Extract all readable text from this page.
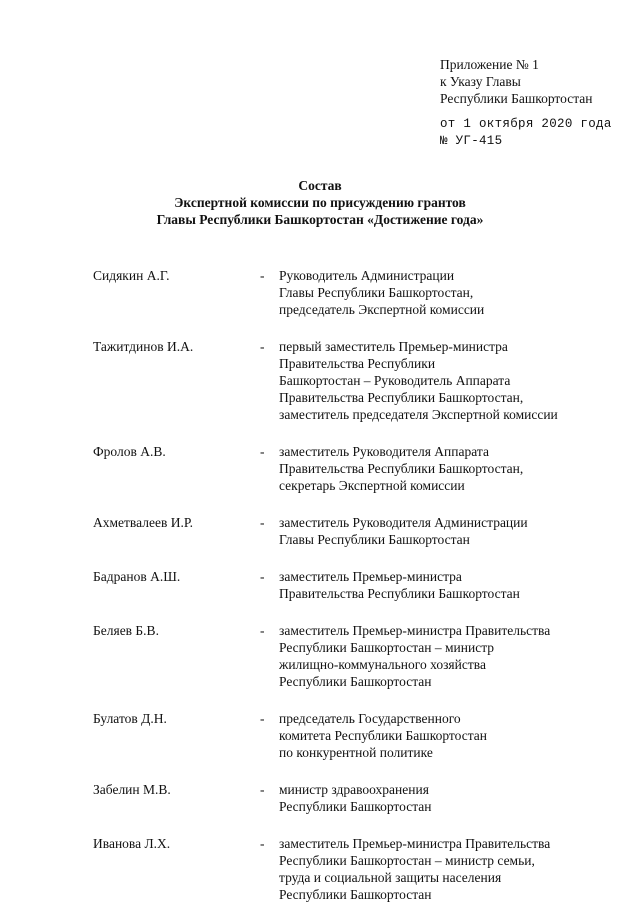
Приложение № 1
к Указу Главы
Республики Башкортостан
от 1 октября 2020 года
№ УГ-415
Состав
Экспертной комиссии по присуждению грантов
Главы Республики Башкортостан «Достижение года»
Сидякин А.Г.	- Руководитель Администрации
Главы Республики Башкортостан,
председатель Экспертной комиссии
Тажитдинов И.А.	- первый заместитель Премьер-министра
Правительства Республики
Башкортостан – Руководитель Аппарата
Правительства Республики Башкортостан,
заместитель председателя Экспертной комиссии
Фролов А.В.	- заместитель Руководителя Аппарата
Правительства Республики Башкортостан,
секретарь Экспертной комиссии
Ахметвалеев И.Р.	- заместитель Руководителя Администрации
Главы Республики Башкортостан
Бадранов А.Ш.	- заместитель Премьер-министра
Правительства Республики Башкортостан
Беляев Б.В.	- заместитель Премьер-министра Правительства
Республики Башкортостан – министр
жилищно-коммунального хозяйства
Республики Башкортостан
Булатов Д.Н.	- председатель Государственного
комитета Республики Башкортостан
по конкурентной политике
Забелин М.В.	- министр здравоохранения
Республики Башкортостан
Иванова Л.Х.	- заместитель Премьер-министра Правительства
Республики Башкортостан – министр семьи,
труда и социальной защиты населения
Республики Башкортостан
